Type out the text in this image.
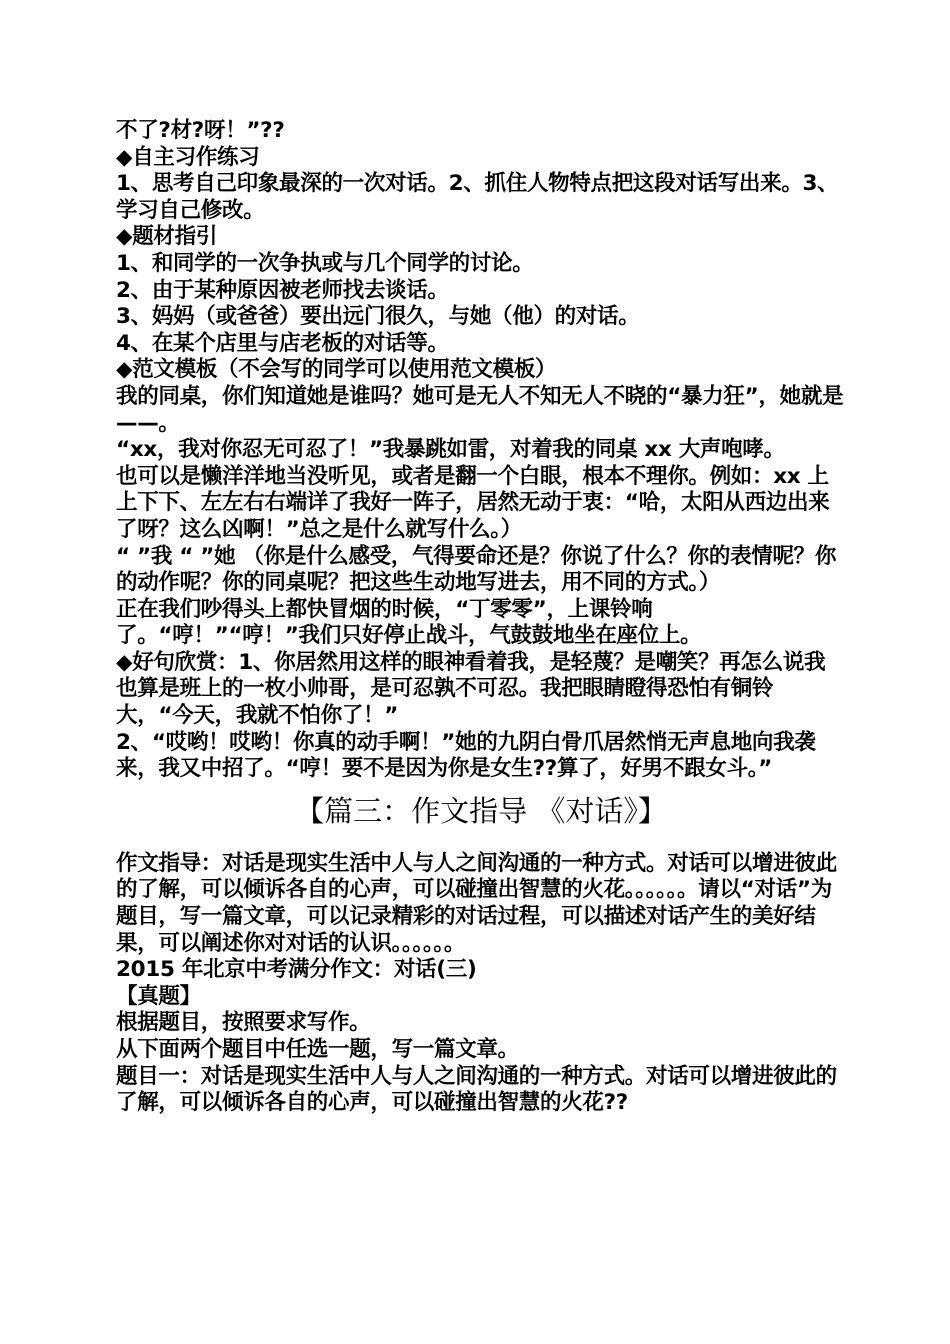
不了?材?呀！”??

◆自主习作练习

1、思考自己印象最深的一次对话。2、抓住人物特点把这段对话写出来。3、学习自己修改。

◆题材指引

1、和同学的一次争执或与几个同学的讨论。

2、由于某种原因被老师找去谈话。

3、妈妈（或爸爸）要出远门很久，与她（他）的对话。

4、在某个店里与店老板的对话等。

◆范文模板（不会写的同学可以使用范文模板）

我的同桌，你们知道她是谁吗？她可是无人不知无人不晓的“暴力狂”，她就是——。

“xx，我对你忍无可忍了！”我暴跳如雷，对着我的同桌 xx 大声咆哮。

也可以是懒洋洋地当没听见，或者是翻一个白眼，根本不理你。例如：xx 上上下下、左左右右端详了我好一阵子，居然无动于衷：“哈，太阳从西边出来了呀？这么凶啊！”总之是什么就写什么。）

“ ”我 “ ”她 （你是什么感受，气得要命还是？你说了什么？你的表情呢？你的动作呢？你的同桌呢？把这些生动地写进去，用不同的方式。）

正在我们吵得头上都快冒烟的时候，“丁零零”，上课铃响了。“哼！”“哼！”我们只好停止战斗，气鼓鼓地坐在座位上。

◆好句欣赏：1、你居然用这样的眼神看着我，是轻蔑？是嘲笑？再怎么说我也算是班上的一枚小帅哥，是可忍孰不可忍。我把眼睛瞪得恐怕有铜铃大，“今天，我就不怕你了！”

2、“哎哟！哎哟！你真的动手啊！”她的九阴白骨爪居然悄无声息地向我袭来，我又中招了。“哼！要不是因为你是女生??算了，好男不跟女斗。”

【篇三：作文指导 《对话》】

作文指导：对话是现实生活中人与人之间沟通的一种方式。对话可以增进彼此的了解，可以倾诉各自的心声，可以碰撞出智慧的火花。。。。。。请以“对话”为题目，写一篇文章，可以记录精彩的对话过程，可以描述对话产生的美好结果，可以阐述你对对话的认识。。。。。。

2015 年北京中考满分作文：对话(三)

【真题】

根据题目，按照要求写作。

从下面两个题目中任选一题，写一篇文章。

题目一：对话是现实生活中人与人之间沟通的一种方式。对话可以增进彼此的了解，可以倾诉各自的心声，可以碰撞出智慧的火花??
